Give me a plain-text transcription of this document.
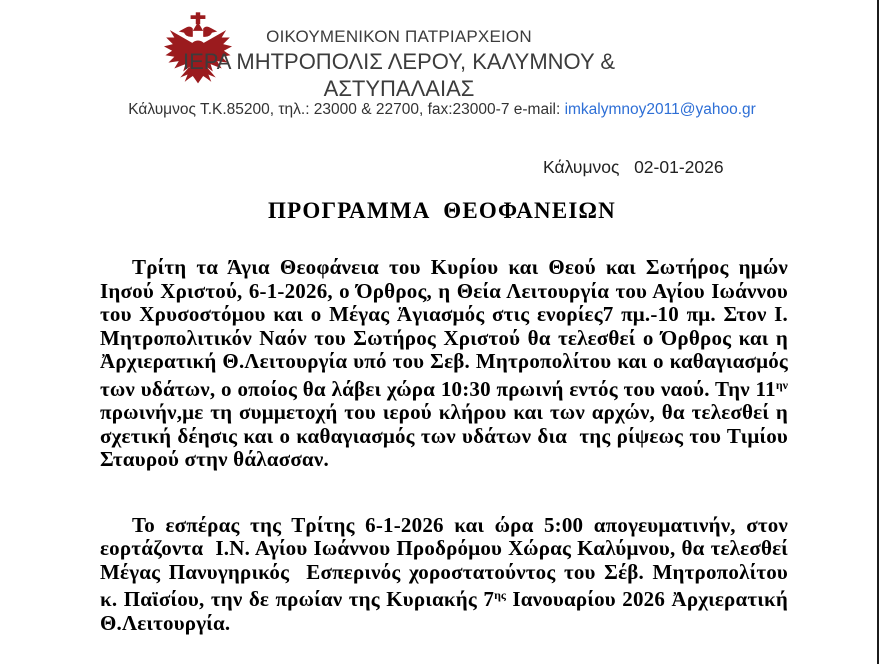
ΟΙΚΟΥΜΕΝΙΚΟΝ ΠΑΤΡΙΑΡΧΕΙΟΝ
ΙΕΡΑ ΜΗΤΡΟΠΟΛΙΣ ΛΕΡΟΥ, ΚΑΛΥΜΝΟΥ &
ΑΣΤΥΠΑΛΑΙΑΣ
Κάλυμνος Τ.Κ.85200, τηλ.: 23000 & 22700, fax:23000-7 e-mail: imkalymnoy2011@yahoo.gr
Κάλυμνος   02-01-2026
ΠΡΟΓΡΑΜΜΑ  ΘΕΟΦΑΝΕΙΩΝ

Τρίτη τα Άγια Θεοφάνεια του Κυρίου και Θεού και Σωτήρος ημών Ιησού Χριστού, 6-1-2026, ο Όρθρος, η Θεία Λειτουργία του Αγίου Ιωάννου του Χρυσοστόμου και ο Μέγας Ἁγιασμός στις ενορίες7 πμ.-10 πμ. Στον Ι. Μητροπολιτικόν Ναόν του Σωτήρος Χριστού θα τελεσθεί ο Όρθρος και η Ἀρχιερατική Θ.Λειτουργία υπό του Σεβ. Μητροπολίτου και ο καθαγιασμός των υδάτων, ο οποίος θα λάβει χώρα 10:30 πρωινή εντός του ναού. Την $11^{\eta\nu}$ πρωινήν,με τη συμμετοχή του ιερού κλήρου και των αρχών, θα τελεσθεί η σχετική δέησις και ο καθαγιασμός των υδάτων δια  της ρίψεως του Τιμίου Σταυρού στην θάλασσαν.

Το εσπέρας της Τρίτης 6-1-2026 και ώρα 5:00 απογευματινήν, στον εορτάζοντα  Ι.Ν. Αγίου Ιωάννου Προδρόμου Χώρας Καλύμνου, θα τελεσθεί Μέγας Πανυγηρικός  Εσπερινός χοροστατούντος του Σέβ. Μητροπολίτου κ. Παϊσίου, την δε πρωίαν της Κυριακής $7^{\eta\varsigma}$ Ιανουαρίου 2026 Ἀρχιερατική Θ.Λειτουργία.
